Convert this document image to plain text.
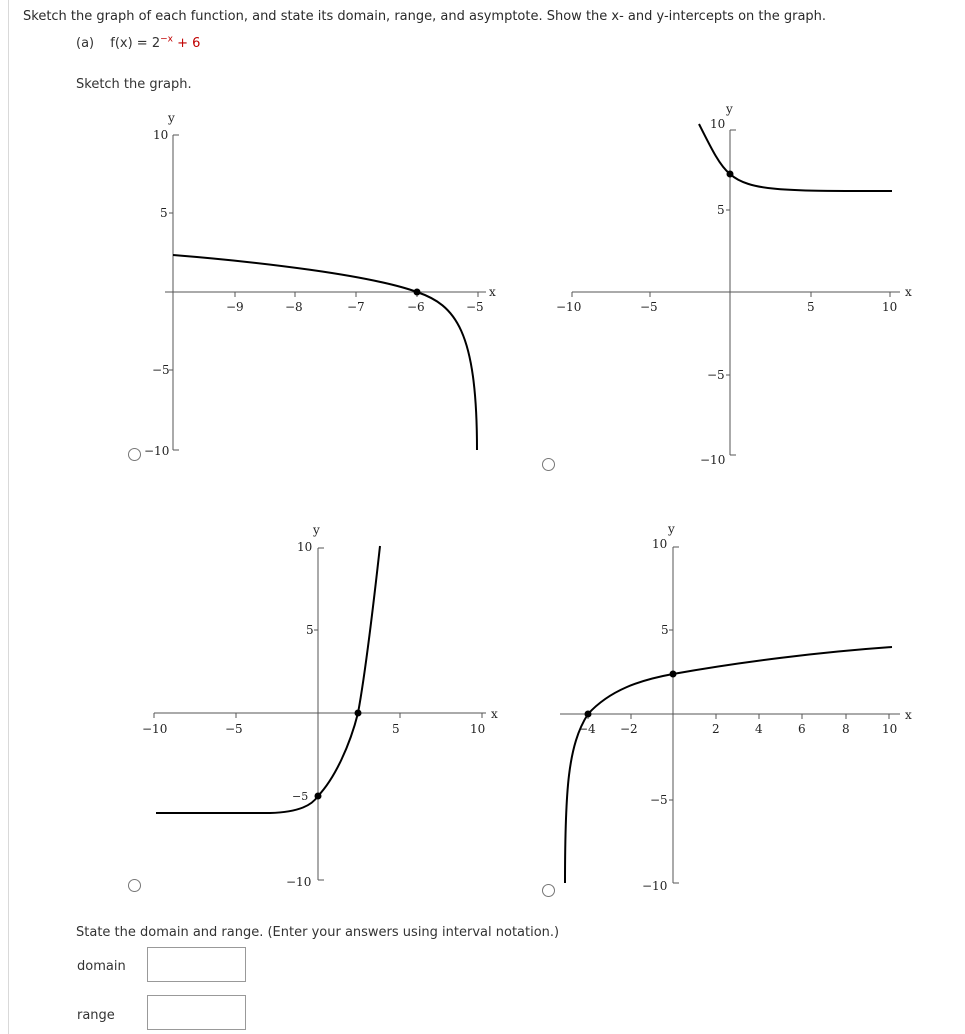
Sketch the graph of each function, and state its domain, range, and asymptote. Show the x- and y-intercepts on the graph.
(a) $f(x) = 2^{-x} + 6$
Sketch the graph.
y
x
−9	−8	−7	−6	−5
10
5
−5
−10
y
x
−10	−5	5	10
10
5
−5
−10
y
x
−10	−5	5	10
10
5
−5
−10
y
x
−4 −2	2	4	6	8	10
10
5
−5
−10
State the domain and range. (Enter your answers using interval notation.)
domain
range
